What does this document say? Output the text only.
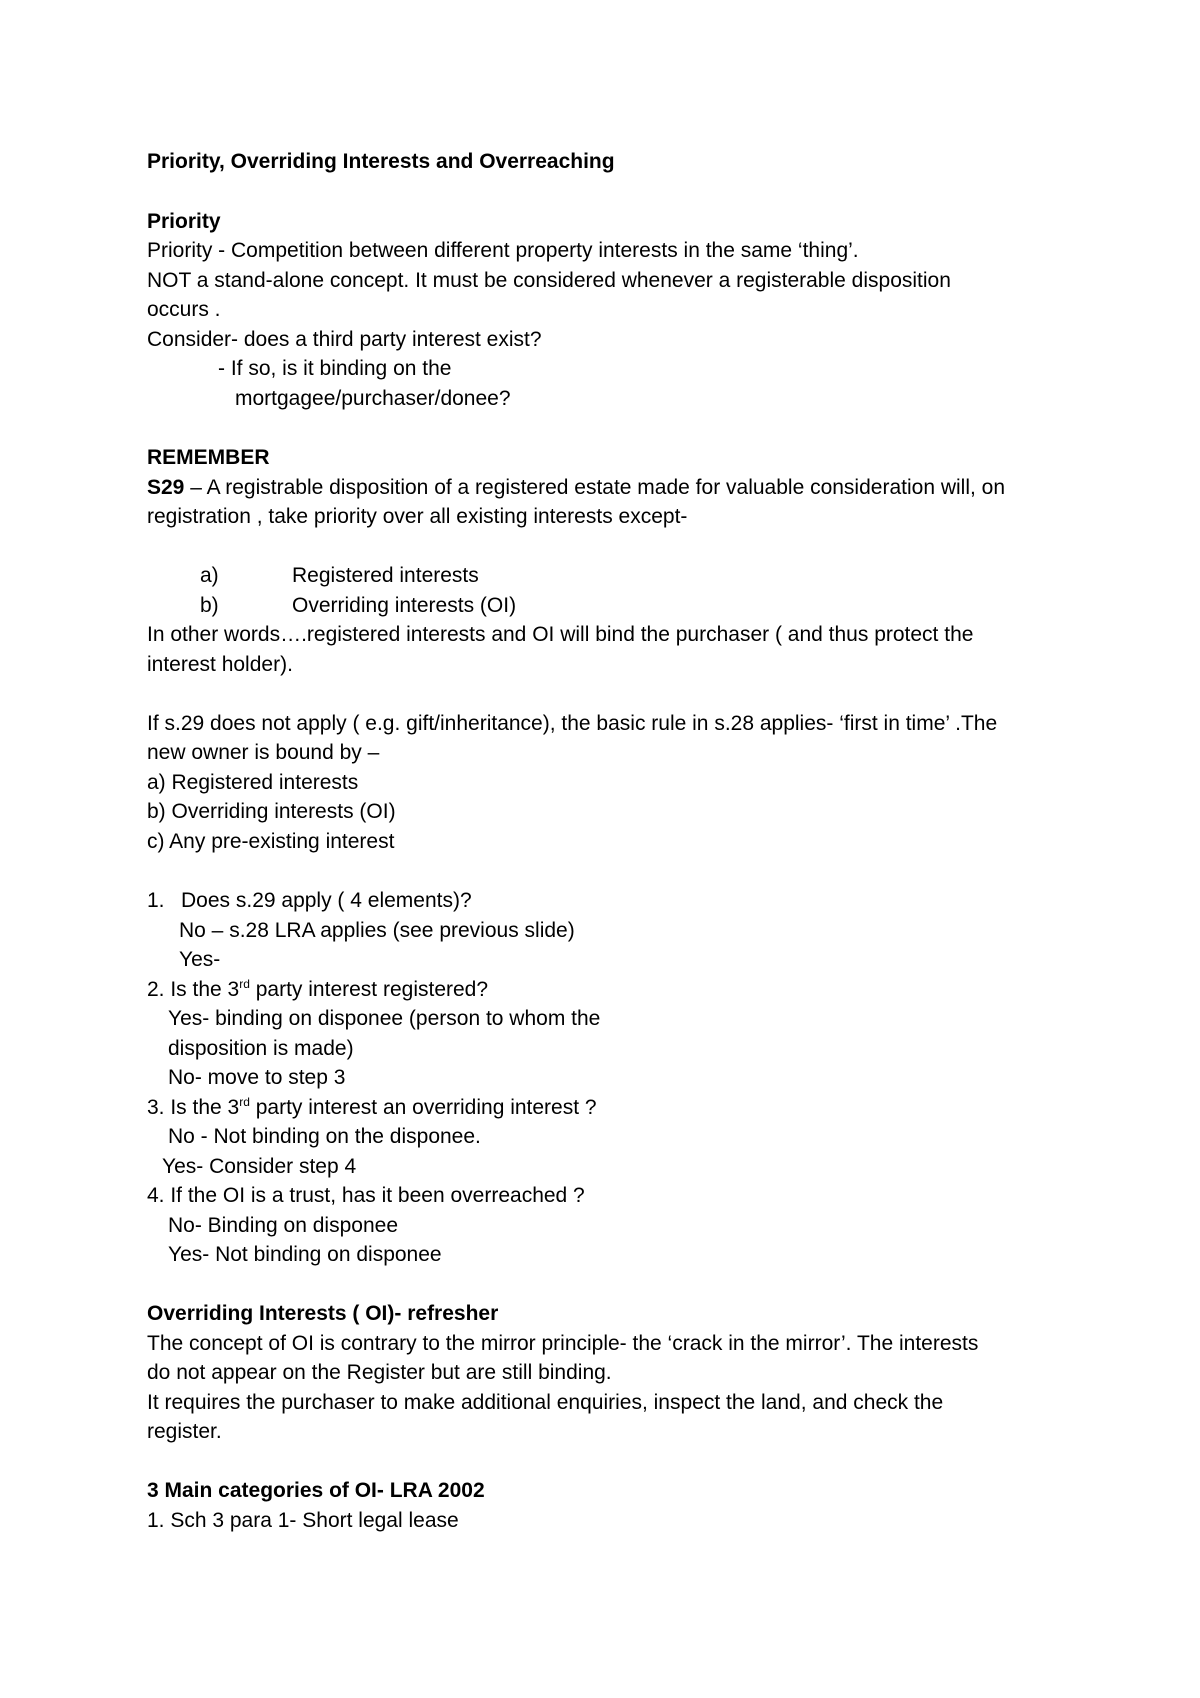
Priority, Overriding Interests and Overreaching
Priority
Priority - Competition between different property interests in the same ‘thing’.
NOT a stand-alone concept. It must be considered whenever a registerable disposition
occurs .
Consider- does a third party interest exist?
- If so, is it binding on the
mortgagee/purchaser/donee?
REMEMBER
S29 – A registrable disposition of a registered estate made for valuable consideration will, on
registration , take priority over all existing interests except-
a)	Registered interests
b)	Overriding interests (OI)
In other words….registered interests and OI will bind the purchaser ( and thus protect the
interest holder).
If s.29 does not apply ( e.g. gift/inheritance), the basic rule in s.28 applies- ‘first in time’ .The
new owner is bound by –
a) Registered interests
b) Overriding interests (OI)
c) Any pre-existing interest
1. Does s.29 apply ( 4 elements)?
No – s.28 LRA applies (see previous slide)
Yes-
2. Is the 3rd party interest registered?
Yes- binding on disponee (person to whom the
disposition is made)
No- move to step 3
3. Is the 3rd party interest an overriding interest ?
No - Not binding on the disponee.
Yes- Consider step 4
4. If the OI is a trust, has it been overreached ?
No- Binding on disponee
Yes- Not binding on disponee
Overriding Interests ( OI)- refresher
The concept of OI is contrary to the mirror principle- the ‘crack in the mirror’. The interests
do not appear on the Register but are still binding.
It requires the purchaser to make additional enquiries, inspect the land, and check the
register.
3 Main categories of OI- LRA 2002
1. Sch 3 para 1- Short legal lease
